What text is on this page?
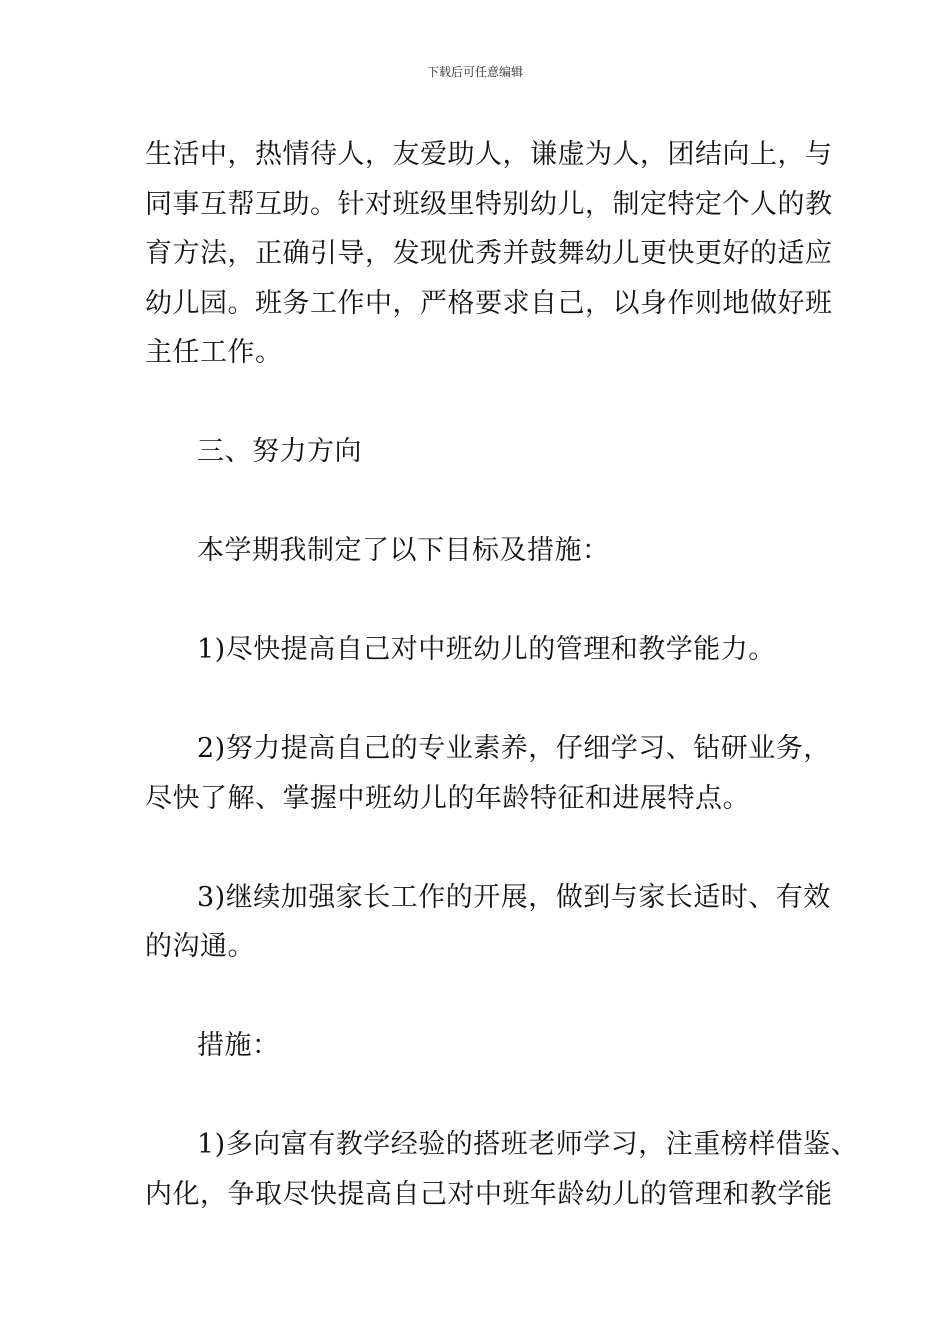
下载后可任意编辑

生活中，热情待人，友爱助人，谦虚为人，团结向上，与
同事互帮互助。针对班级里特别幼儿，制定特定个人的教
育方法，正确引导，发现优秀并鼓舞幼儿更快更好的适应
幼儿园。班务工作中，严格要求自己，以身作则地做好班
主任工作。

三、努力方向

本学期我制定了以下目标及措施：

1)尽快提高自己对中班幼儿的管理和教学能力。

2)努力提高自己的专业素养，仔细学习、钻研业务，
尽快了解、掌握中班幼儿的年龄特征和进展特点。

3)继续加强家长工作的开展，做到与家长适时、有效
的沟通。

措施：

1)多向富有教学经验的搭班老师学习，注重榜样借鉴、
内化，争取尽快提高自己对中班年龄幼儿的管理和教学能
